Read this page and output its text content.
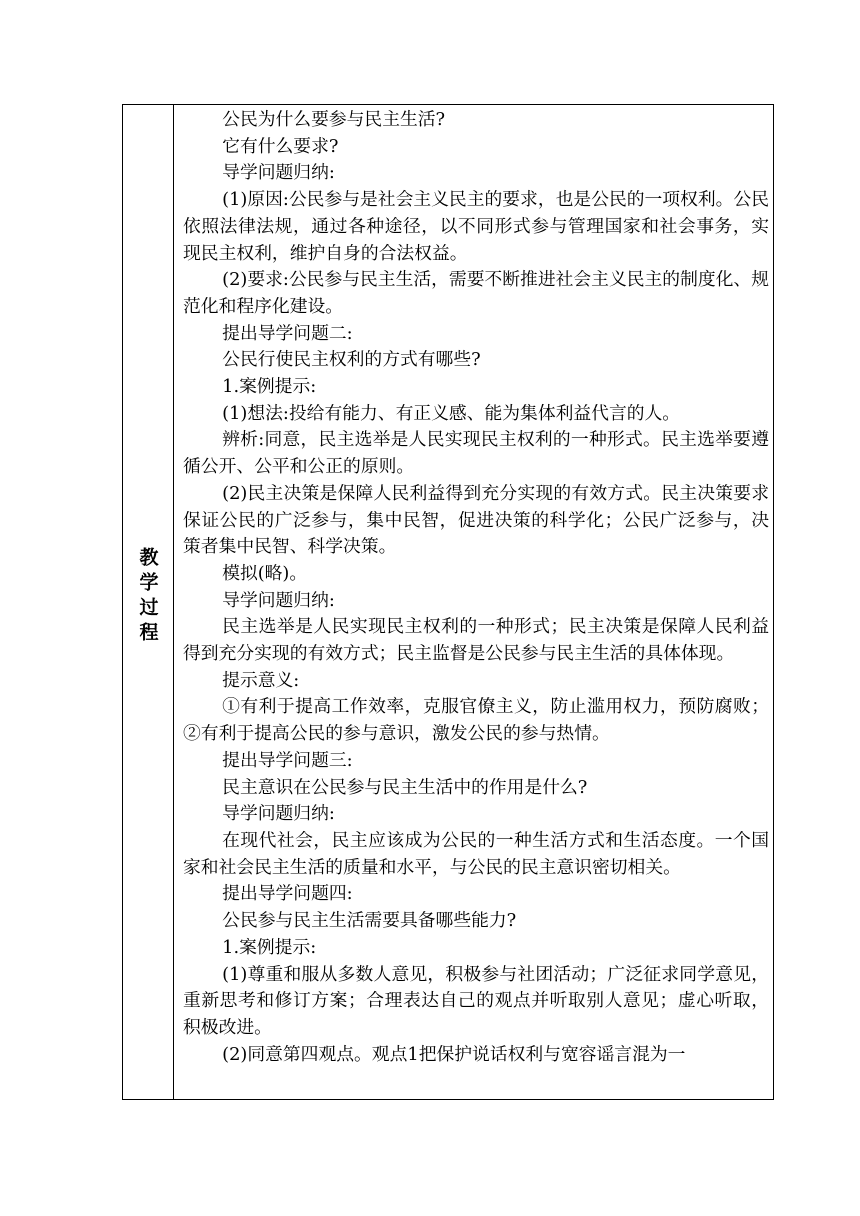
教学过程

公民为什么要参与民主生活?

它有什么要求?

导学问题归纳:

(1)原因:公民参与是社会主义民主的要求，也是公民的一项权利。公民依照法律法规，通过各种途径，以不同形式参与管理国家和社会事务，实现民主权利，维护自身的合法权益。

(2)要求:公民参与民主生活，需要不断推进社会主义民主的制度化、规范化和程序化建设。

提出导学问题二:

公民行使民主权利的方式有哪些?

1.案例提示:

(1)想法:投给有能力、有正义感、能为集体利益代言的人。

辨析:同意，民主选举是人民实现民主权利的一种形式。民主选举要遵循公开、公平和公正的原则。

(2)民主决策是保障人民利益得到充分实现的有效方式。民主决策要求保证公民的广泛参与，集中民智，促进决策的科学化；公民广泛参与，决策者集中民智、科学决策。

模拟(略)。

导学问题归纳:

民主选举是人民实现民主权利的一种形式；民主决策是保障人民利益得到充分实现的有效方式；民主监督是公民参与民主生活的具体体现。

提示意义:

①有利于提高工作效率，克服官僚主义，防止滥用权力，预防腐败；②有利于提高公民的参与意识，激发公民的参与热情。

提出导学问题三:

民主意识在公民参与民主生活中的作用是什么?

导学问题归纳:

在现代社会，民主应该成为公民的一种生活方式和生活态度。一个国家和社会民主生活的质量和水平，与公民的民主意识密切相关。

提出导学问题四:

公民参与民主生活需要具备哪些能力?

1.案例提示:

(1)尊重和服从多数人意见，积极参与社团活动；广泛征求同学意见，重新思考和修订方案；合理表达自己的观点并听取别人意见；虚心听取，积极改进。

(2)同意第四观点。观点1把保护说话权利与宽容谣言混为一
